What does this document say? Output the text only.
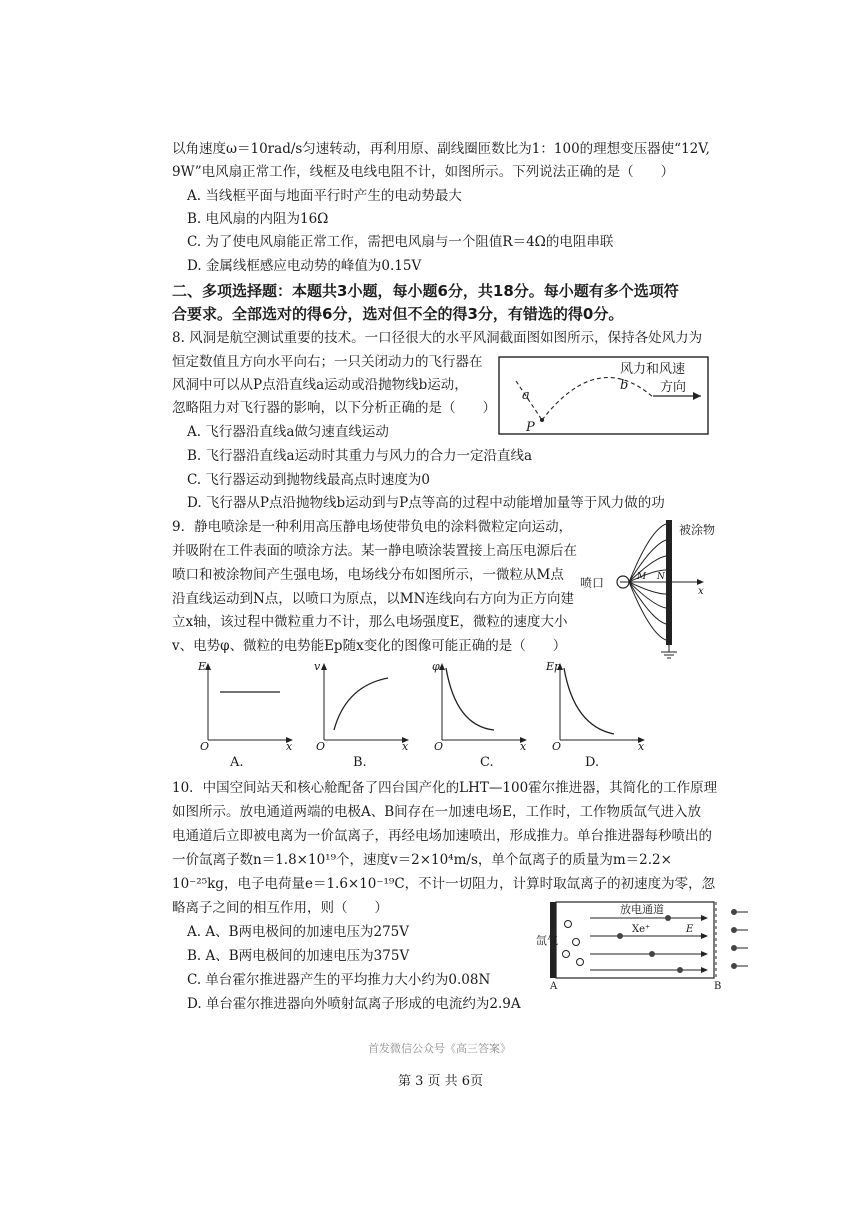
以角速度ω＝10rad/s匀速转动，再利用原、副线圈匝数比为1：100的理想变压器使“12V,
9W”电风扇正常工作，线框及电线电阻不计，如图所示。下列说法正确的是（　　）
A. 当线框平面与地面平行时产生的电动势最大
B. 电风扇的内阻为16Ω
C. 为了使电风扇能正常工作，需把电风扇与一个阻值R＝4Ω的电阻串联
D. 金属线框感应电动势的峰值为0.15V
二、多项选择题：本题共3小题，每小题6分，共18分。每小题有多个选项符
合要求。全部选对的得6分，选对但不全的得3分，有错选的得0分。
8. 风洞是航空测试重要的技术。一口径很大的水平风洞截面图如图所示，保持各处风力为
恒定数值且方向水平向右；一只关闭动力的飞行器在
风洞中可以从P点沿直线a运动或沿抛物线b运动，
忽略阻力对飞行器的影响，以下分析正确的是（　　）
风力和风速
方向
a
b
P
A. 飞行器沿直线a做匀速直线运动
B. 飞行器沿直线a运动时其重力与风力的合力一定沿直线a
C. 飞行器运动到抛物线最高点时速度为0
D. 飞行器从P点沿抛物线b运动到与P点等高的过程中动能增加量等于风力做的功
9．静电喷涂是一种利用高压静电场使带负电的涂料微粒定向运动，
并吸附在工件表面的喷涂方法。某一静电喷涂装置接上高压电源后在
喷口和被涂物间产生强电场，电场线分布如图所示，一微粒从M点
沿直线运动到N点，以喷口为原点，以MN连线向右方向为正方向建
立x轴，该过程中微粒重力不计，那么电场强度E，微粒的速度大小
v、电势φ、微粒的电势能Ep随x变化的图像可能正确的是（　　）
喷口	M N
x
被涂物
E
x
O
v
x
O
φ
x
O
Ep
x
O
A.	B.	C.	D.
10．中国空间站天和核心舱配备了四台国产化的LHT—100霍尔推进器，其简化的工作原理
如图所示。放电通道两端的电极A、B间存在一加速电场E，工作时，工作物质氙气进入放
电通道后立即被电离为一价氙离子，再经电场加速喷出，形成推力。单台推进器每秒喷出的
一价氙离子数n＝1.8×10¹⁹个，速度v＝2×10⁴m/s，单个氙离子的质量为m＝2.2×
10⁻²⁵kg，电子电荷量e＝1.6×10⁻¹⁹C，不计一切阻力，计算时取氙离子的初速度为零，忽
略离子之间的相互作用，则（　　）
A. A、B两电极间的加速电压为275V
B. A、B两电极间的加速电压为375V
C. 单台霍尔推进器产生的平均推力大小约为0.08N
D. 单台霍尔推进器向外喷射氙离子形成的电流约为2.9A
氙气
放电通道
Xe⁺	E
A	B
首发微信公众号《高三答案》
第 3 页 共 6页
